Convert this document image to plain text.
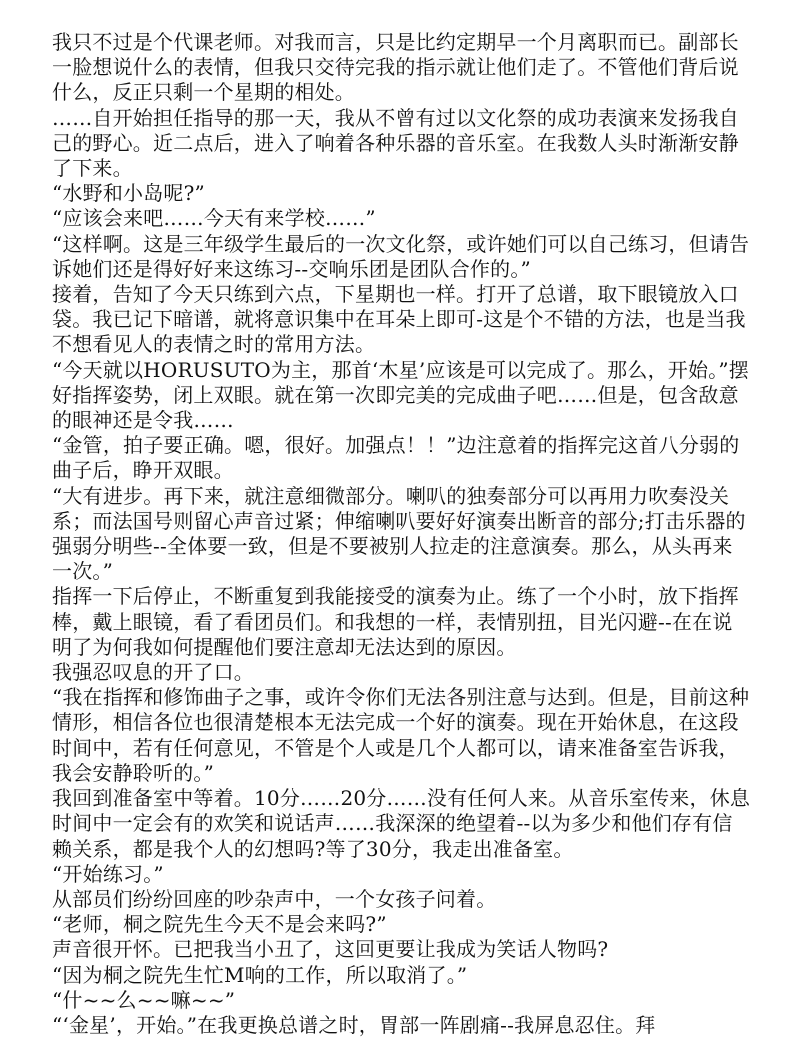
我只不过是个代课老师。对我而言，只是比约定期早一个月离职而已。副部长一脸想说什么的表情，但我只交待完我的指示就让他们走了。不管他们背后说什么，反正只剩一个星期的相处。

……自开始担任指导的那一天，我从不曾有过以文化祭的成功表演来发扬我自己的野心。近二点后，进入了响着各种乐器的音乐室。在我数人头时渐渐安静了下来。

“水野和小岛呢?”

“应该会来吧……今天有来学校……”

“这样啊。这是三年级学生最后的一次文化祭，或许她们可以自己练习，但请告诉她们还是得好好来这练习--交响乐团是团队合作的。”

接着，告知了今天只练到六点，下星期也一样。打开了总谱，取下眼镜放入口袋。我已记下暗谱，就将意识集中在耳朵上即可-这是个不错的方法，也是当我不想看见人的表情之时的常用方法。

“今天就以HORUSUTO为主，那首‘木星’应该是可以完成了。那么，开始。”摆好指挥姿势，闭上双眼。就在第一次即完美的完成曲子吧……但是，包含敌意的眼神还是令我……

“金管，拍子要正确。嗯，很好。加强点！！”边注意着的指挥完这首八分弱的曲子后，睁开双眼。

“大有进步。再下来，就注意细微部分。喇叭的独奏部分可以再用力吹奏没关系；而法国号则留心声音过紧；伸缩喇叭要好好演奏出断音的部分;打击乐器的强弱分明些--全体要一致，但是不要被别人拉走的注意演奏。那么，从头再来一次。”

指挥一下后停止，不断重复到我能接受的演奏为止。练了一个小时，放下指挥棒，戴上眼镜，看了看团员们。和我想的一样，表情别扭，目光闪避--在在说明了为何我如何提醒他们要注意却无法达到的原因。

我强忍叹息的开了口。

“我在指挥和修饰曲子之事，或许令你们无法各别注意与达到。但是，目前这种情形，相信各位也很清楚根本无法完成一个好的演奏。现在开始休息，在这段时间中，若有任何意见，不管是个人或是几个人都可以，请来准备室告诉我，我会安静聆听的。”

我回到准备室中等着。10分……20分……没有任何人来。从音乐室传来，休息时间中一定会有的欢笑和说话声……我深深的绝望着--以为多少和他们存有信赖关系，都是我个人的幻想吗?等了30分，我走出准备室。

“开始练习。”

从部员们纷纷回座的吵杂声中，一个女孩子问着。

“老师，桐之院先生今天不是会来吗?”

声音很开怀。已把我当小丑了，这回更要让我成为笑话人物吗?

“因为桐之院先生忙M响的工作，所以取消了。”

“什~~么~~嘛~~”

“‘金星’，开始。”在我更换总谱之时，胃部一阵剧痛--我屏息忍住。拜
